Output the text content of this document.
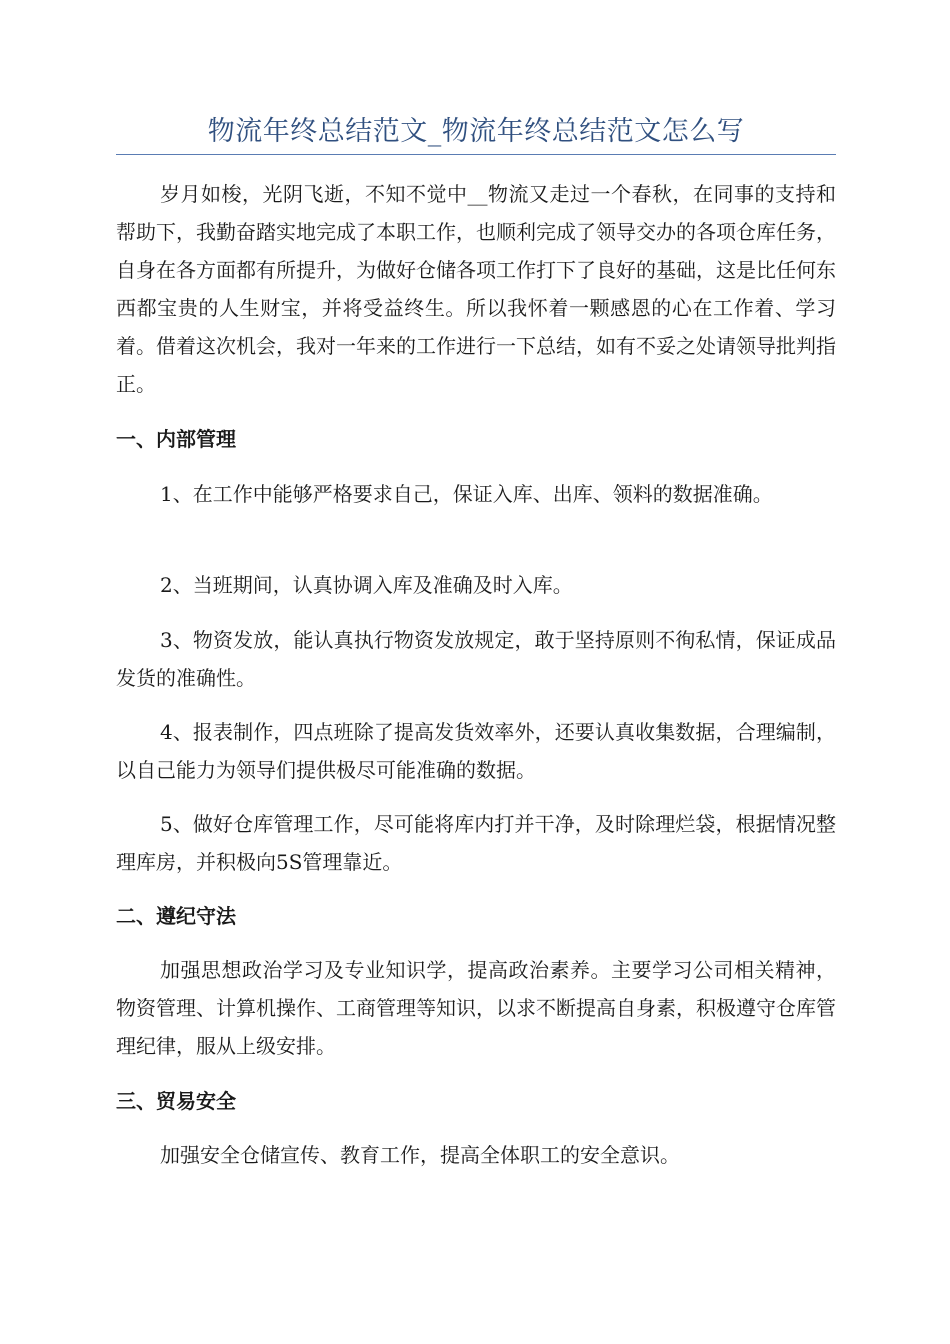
物流年终总结范文_物流年终总结范文怎么写

岁月如梭，光阴飞逝，不知不觉中__物流又走过一个春秋，在同事的支持和帮助下，我勤奋踏实地完成了本职工作，也顺利完成了领导交办的各项仓库任务，自身在各方面都有所提升，为做好仓储各项工作打下了良好的基础，这是比任何东西都宝贵的人生财宝，并将受益终生。所以我怀着一颗感恩的心在工作着、学习着。借着这次机会，我对一年来的工作进行一下总结，如有不妥之处请领导批判指正。

一、内部管理

1、在工作中能够严格要求自己，保证入库、出库、领料的数据准确。

2、当班期间，认真协调入库及准确及时入库。

3、物资发放，能认真执行物资发放规定，敢于坚持原则不徇私情，保证成品发货的准确性。

4、报表制作，四点班除了提高发货效率外，还要认真收集数据，合理编制，以自己能力为领导们提供极尽可能准确的数据。

5、做好仓库管理工作，尽可能将库内打并干净，及时除理烂袋，根据情况整理库房，并积极向5S管理靠近。

二、遵纪守法

加强思想政治学习及专业知识学，提高政治素养。主要学习公司相关精神，物资管理、计算机操作、工商管理等知识，以求不断提高自身素，积极遵守仓库管理纪律，服从上级安排。

三、贸易安全

加强安全仓储宣传、教育工作，提高全体职工的安全意识。
